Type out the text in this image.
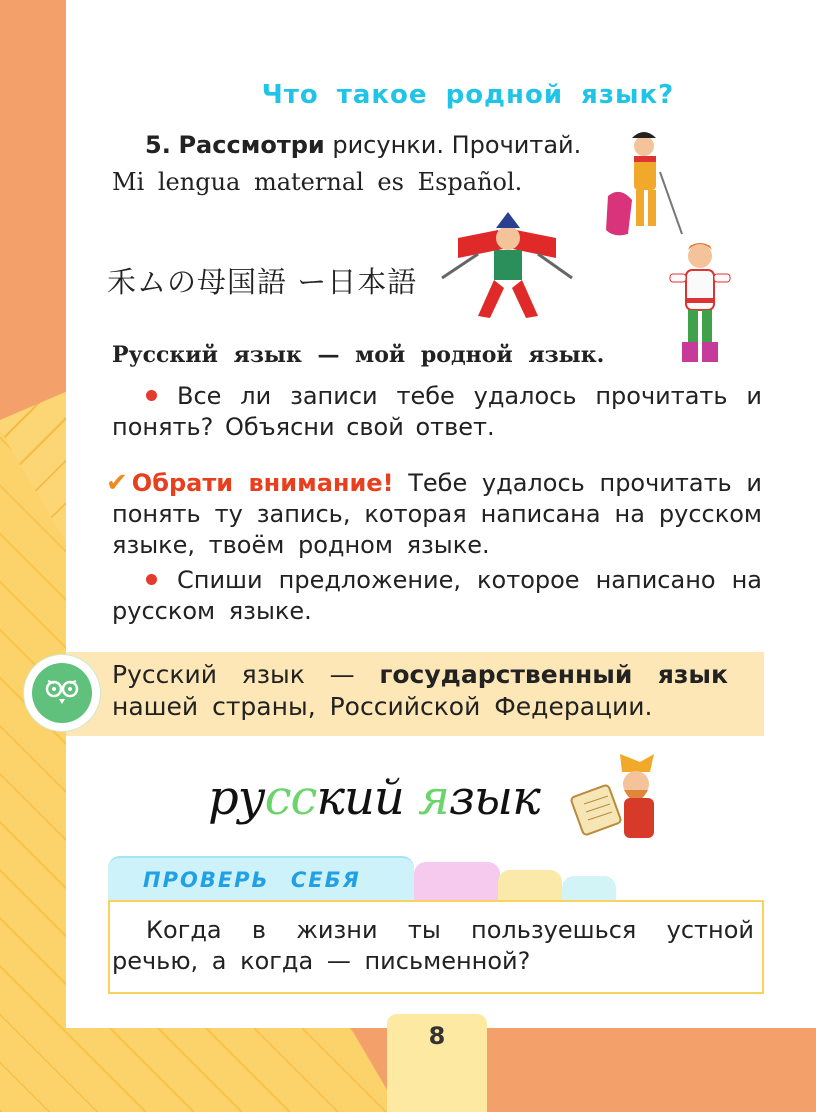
Что такое родной язык?
5. Рассмотри рисунки. Прочитай.
Mi lengua maternal es Español.
禾ムの母国語 ー日本語
Русский язык — мой родной язык.
Все ли записи тебе удалось прочитать и
понять? Объясни свой ответ.
✔ Обрати внимание! Тебе удалось прочитать и
понять ту запись, которая написана на русском
языке, твоём родном языке.
Спиши предложение, которое написано на
русском языке.
Русский язык — государственный язык
нашей страны, Российской Федерации.
русский язык
ПРОВЕРЬ СЕБЯ
Когда в жизни ты пользуешься устной
речью, а когда — письменной?
8
